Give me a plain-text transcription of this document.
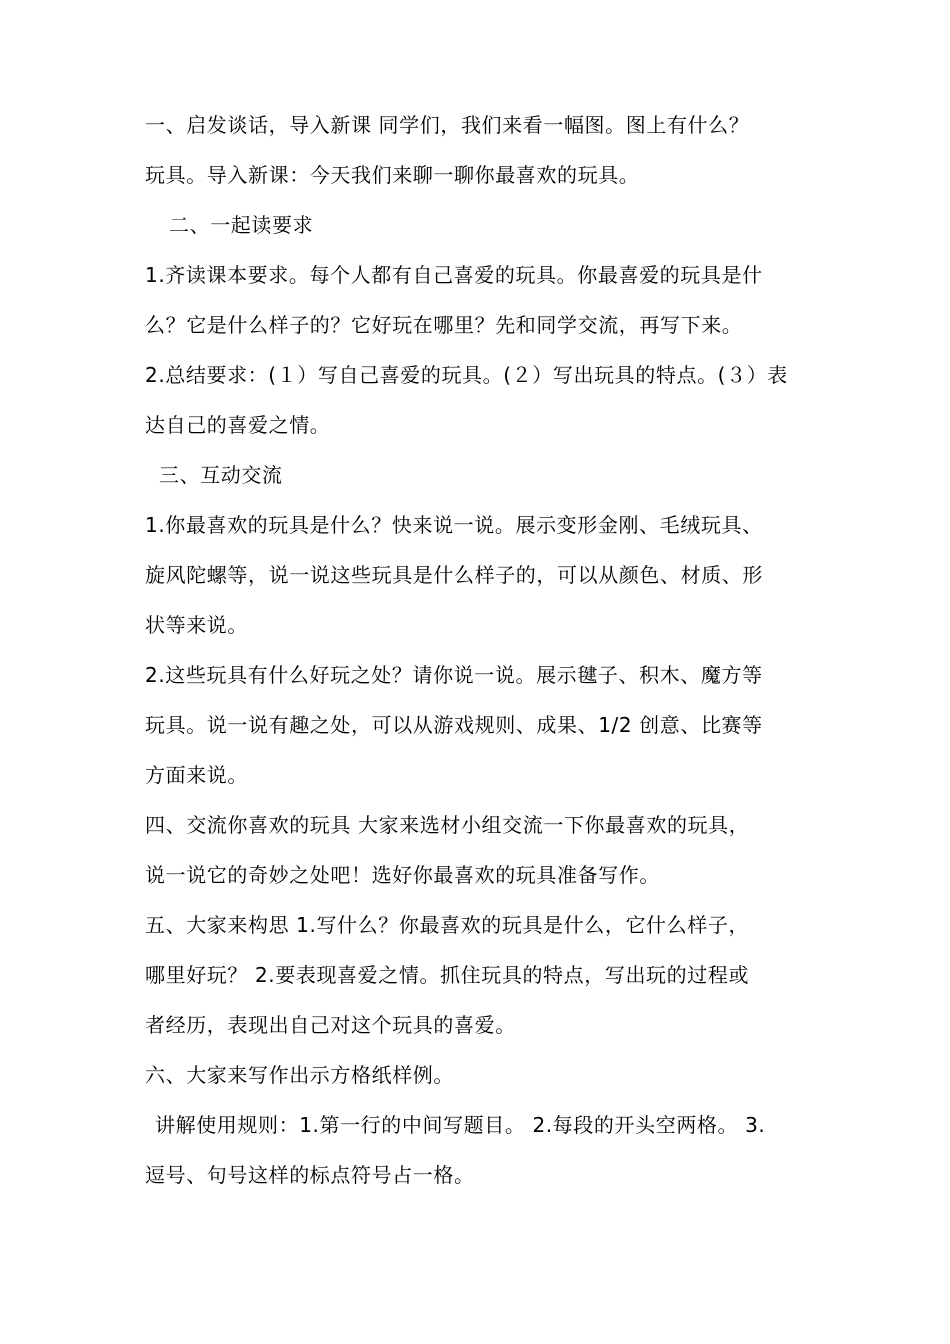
一、启发谈话，导入新课 同学们，我们来看一幅图。图上有什么？
玩具。导入新课：今天我们来聊一聊你最喜欢的玩具。
二、一起读要求
1.齐读课本要求。每个人都有自己喜爱的玩具。你最喜爱的玩具是什
么？它是什么样子的？它好玩在哪里？先和同学交流，再写下来。
2.总结要求：(１）写自己喜爱的玩具。(２）写出玩具的特点。(３）表
达自己的喜爱之情。
三、互动交流
1.你最喜欢的玩具是什么？快来说一说。展示变形金刚、毛绒玩具、
旋风陀螺等，说一说这些玩具是什么样子的，可以从颜色、材质、形
状等来说。
2.这些玩具有什么好玩之处？请你说一说。展示毽子、积木、魔方等
玩具。说一说有趣之处，可以从游戏规则、成果、1/2 创意、比赛等
方面来说。
四、交流你喜欢的玩具 大家来选材小组交流一下你最喜欢的玩具，
说一说它的奇妙之处吧！选好你最喜欢的玩具准备写作。
五、大家来构思 1.写什么？你最喜欢的玩具是什么，它什么样子，
哪里好玩？ 2.要表现喜爱之情。抓住玩具的特点，写出玩的过程或
者经历，表现出自己对这个玩具的喜爱。
六、大家来写作出示方格纸样例。
讲解使用规则：1.第一行的中间写题目。 2.每段的开头空两格。 3.
逗号、句号这样的标点符号占一格。
